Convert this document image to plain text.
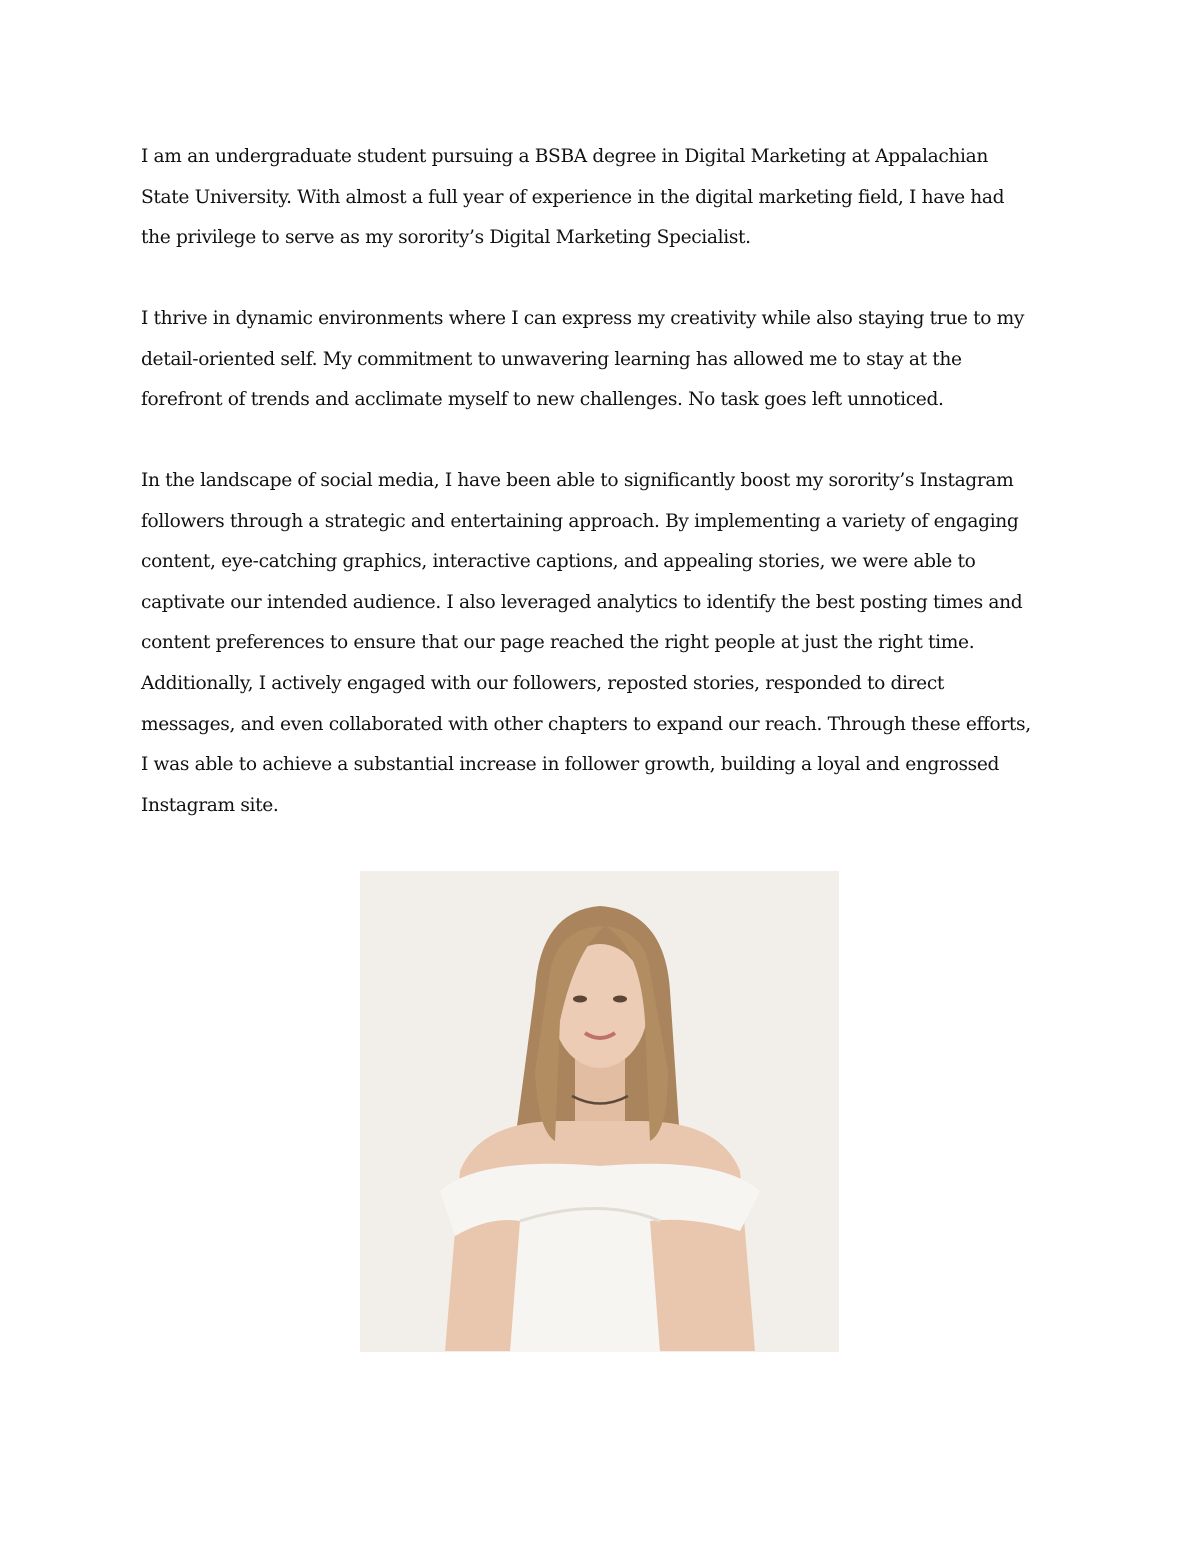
I am an undergraduate student pursuing a BSBA degree in Digital Marketing at Appalachian
State University. With almost a full year of experience in the digital marketing field, I have had
the privilege to serve as my sorority’s Digital Marketing Specialist.
I thrive in dynamic environments where I can express my creativity while also staying true to my
detail-oriented self. My commitment to unwavering learning has allowed me to stay at the
forefront of trends and acclimate myself to new challenges. No task goes left unnoticed.
In the landscape of social media, I have been able to significantly boost my sorority’s Instagram
followers through a strategic and entertaining approach. By implementing a variety of engaging
content, eye-catching graphics, interactive captions, and appealing stories, we were able to
captivate our intended audience. I also leveraged analytics to identify the best posting times and
content preferences to ensure that our page reached the right people at just the right time.
Additionally, I actively engaged with our followers, reposted stories, responded to direct
messages, and even collaborated with other chapters to expand our reach. Through these efforts,
I was able to achieve a substantial increase in follower growth, building a loyal and engrossed
Instagram site.
